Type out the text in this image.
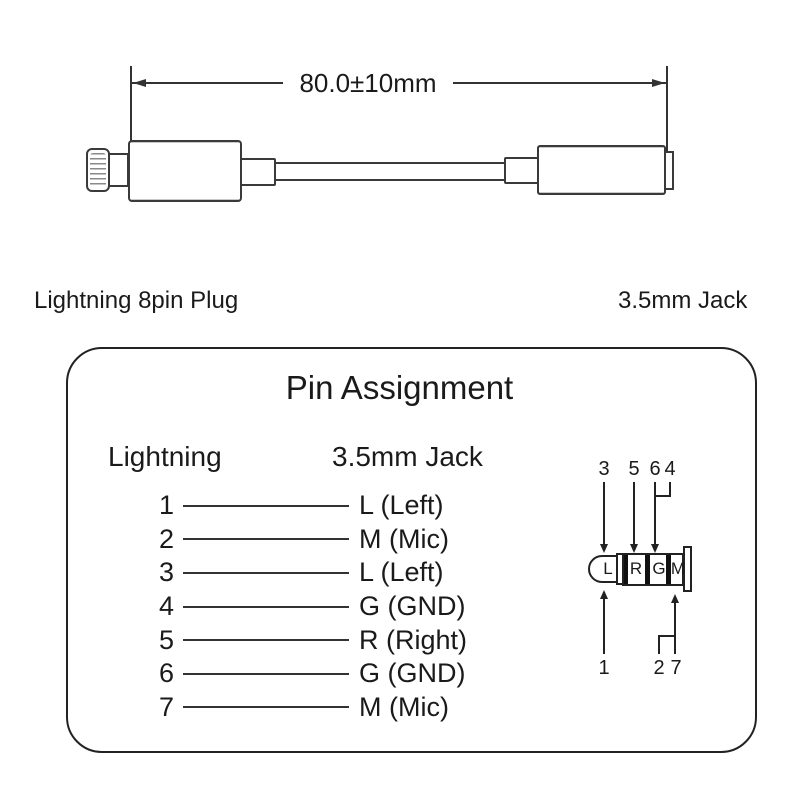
80.0±10mm
Lightning 8pin Plug	3.5mm Jack
Pin Assignment
Lightning	3.5mm Jack
1	L (Left)
2	M (Mic)
3	L (Left)
4	G (GND)
5	R (Right)
6	G (GND)
7	M (Mic)
3 5 6 4
L R G M
1 2 7
